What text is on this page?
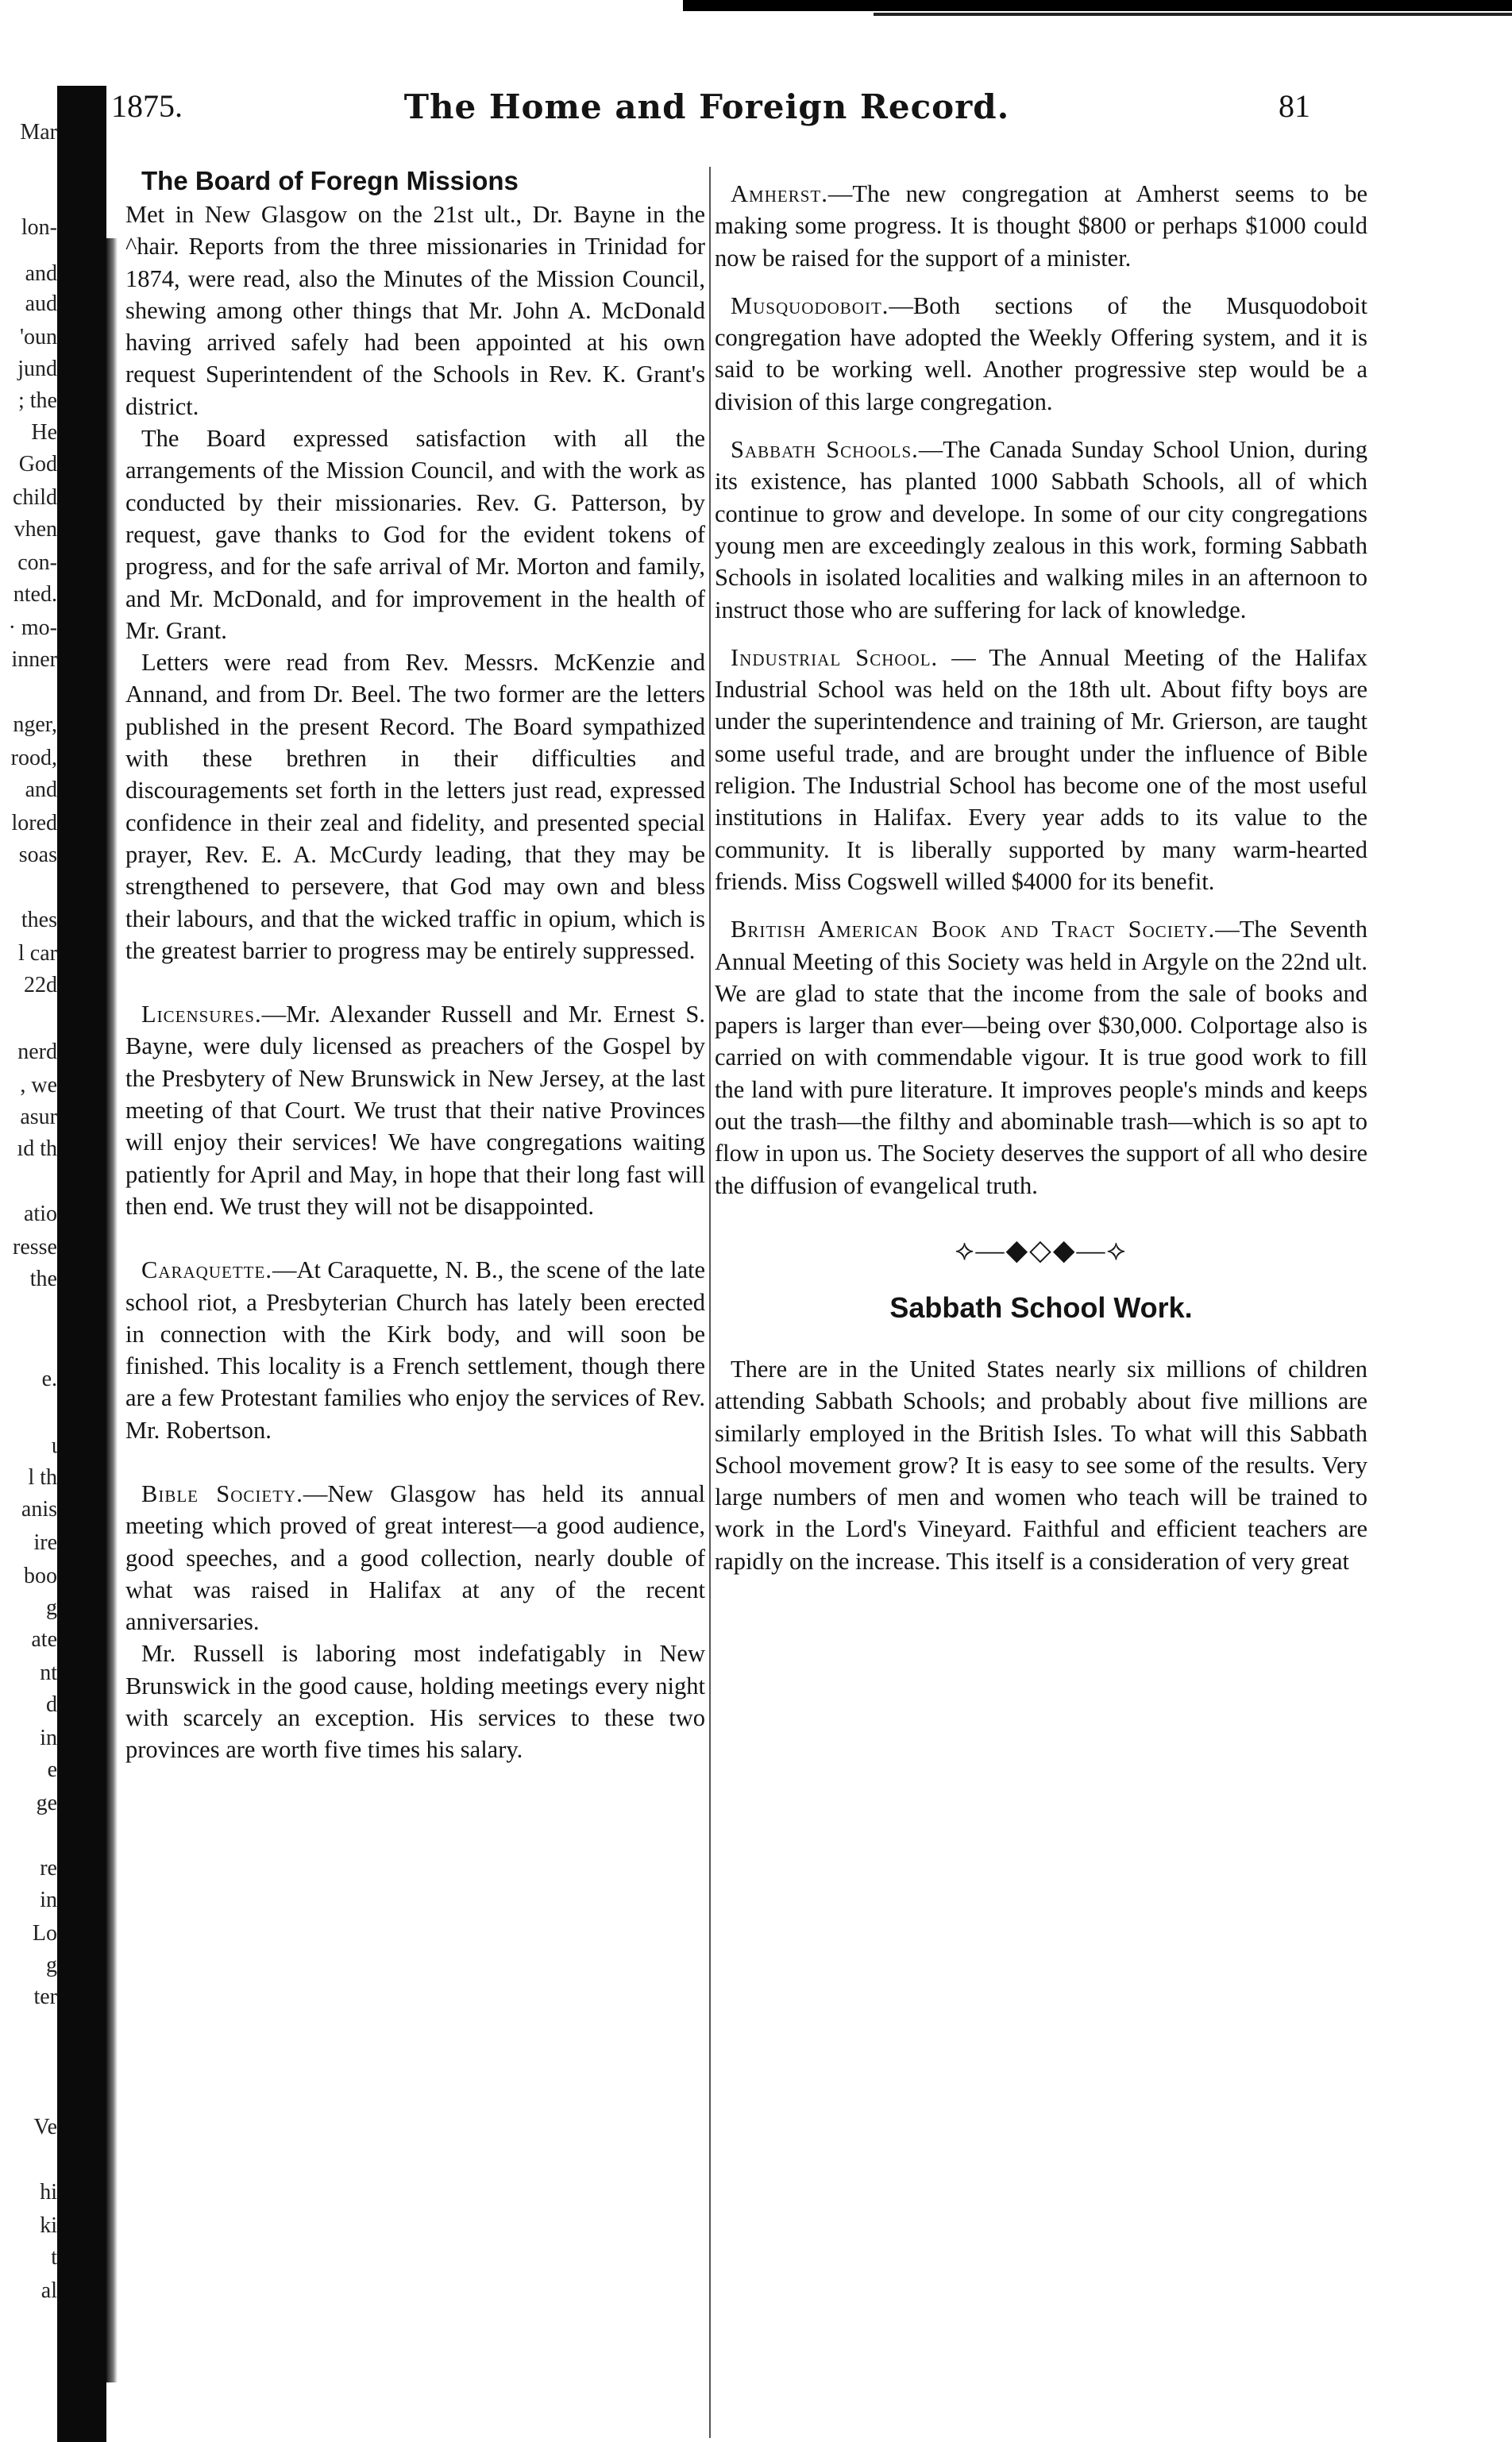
Mar
lon-
and
aud
'oun
jund
; the
He
God
child
vhen
con-
nted.
· mo-
inner
nger,
rood,
and
lored
soas
thes
l car
22d
nerd
, we
asur
ıd th
atio
resse
the
e.
ι
l th
anis
ire
boo
g
ate
nt
d
in
e
ge
re
in
Lo
g
ter
Ve
hi
ki
t
al
1875.	The Home and Foreign Record.	81
The Board of Foregn Missions

Met in New Glasgow on the 21st ult., Dr. Bayne in the ^hair. Reports from the three missionaries in Trinidad for 1874, were read, also the Minutes of the Mission Council, shewing among other things that Mr. John A. McDonald having arrived safely had been appointed at his own request Superintendent of the Schools in Rev. K. Grant's district.

The Board expressed satisfaction with all the arrangements of the Mission Council, and with the work as conducted by their missionaries. Rev. G. Patterson, by request, gave thanks to God for the evident tokens of progress, and for the safe arrival of Mr. Morton and family, and Mr. McDonald, and for improvement in the health of Mr. Grant.

Letters were read from Rev. Messrs. McKenzie and Annand, and from Dr. Beel. The two former are the letters published in the present Record. The Board sympathized with these brethren in their difficulties and discouragements set forth in the letters just read, expressed confidence in their zeal and fidelity, and presented special prayer, Rev. E. A. McCurdy leading, that they may be strengthened to persevere, that God may own and bless their labours, and that the wicked traffic in opium, which is the greatest barrier to progress may be entirely suppressed.

Licensures.—Mr. Alexander Russell and Mr. Ernest S. Bayne, were duly licensed as preachers of the Gospel by the Presbytery of New Brunswick in New Jersey, at the last meeting of that Court. We trust that their native Provinces will enjoy their services! We have congregations waiting patiently for April and May, in hope that their long fast will then end. We trust they will not be disappointed.

Caraquette.—At Caraquette, N. B., the scene of the late school riot, a Presbyterian Church has lately been erected in connection with the Kirk body, and will soon be finished. This locality is a French settlement, though there are a few Protestant families who enjoy the services of Rev. Mr. Robertson.

Bible Society.—New Glasgow has held its annual meeting which proved of great interest—a good audience, good speeches, and a good collection, nearly double of what was raised in Halifax at any of the recent anniversaries.

Mr. Russell is laboring most indefatigably in New Brunswick in the good cause, holding meetings every night with scarcely an exception. His services to these two provinces are worth five times his salary.

Amherst.—The new congregation at Amherst seems to be making some progress. It is thought $800 or perhaps $1000 could now be raised for the support of a minister.

Musquodoboit.—Both sections of the Musquodoboit congregation have adopted the Weekly Offering system, and it is said to be working well. Another progressive step would be a division of this large congregation.

Sabbath Schools.—The Canada Sunday School Union, during its existence, has planted 1000 Sabbath Schools, all of which continue to grow and develope. In some of our city congregations young men are exceedingly zealous in this work, forming Sabbath Schools in isolated localities and walking miles in an afternoon to instruct those who are suffering for lack of knowledge.

Industrial School. — The Annual Meeting of the Halifax Industrial School was held on the 18th ult. About fifty boys are under the superintendence and training of Mr. Grierson, are taught some useful trade, and are brought under the influence of Bible religion. The Industrial School has become one of the most useful institutions in Halifax. Every year adds to its value to the community. It is liberally supported by many warm-hearted friends. Miss Cogswell willed $4000 for its benefit.

British American Book and Tract Society.—The Seventh Annual Meeting of this Society was held in Argyle on the 22nd ult. We are glad to state that the income from the sale of books and papers is larger than ever—being over $30,000. Colportage also is carried on with commendable vigour. It is true good work to fill the land with pure literature. It improves people's minds and keeps out the trash—the filthy and abominable trash—which is so apt to flow in upon us. The Society deserves the support of all who desire the diffusion of evangelical truth.

⟡—◆◇◆—⟡
Sabbath School Work.

There are in the United States nearly six millions of children attending Sabbath Schools; and probably about five millions are similarly employed in the British Isles. To what will this Sabbath School movement grow? It is easy to see some of the results. Very large numbers of men and women who teach will be trained to work in the Lord's Vineyard. Faithful and efficient teachers are rapidly on the increase. This itself is a consideration of very great
